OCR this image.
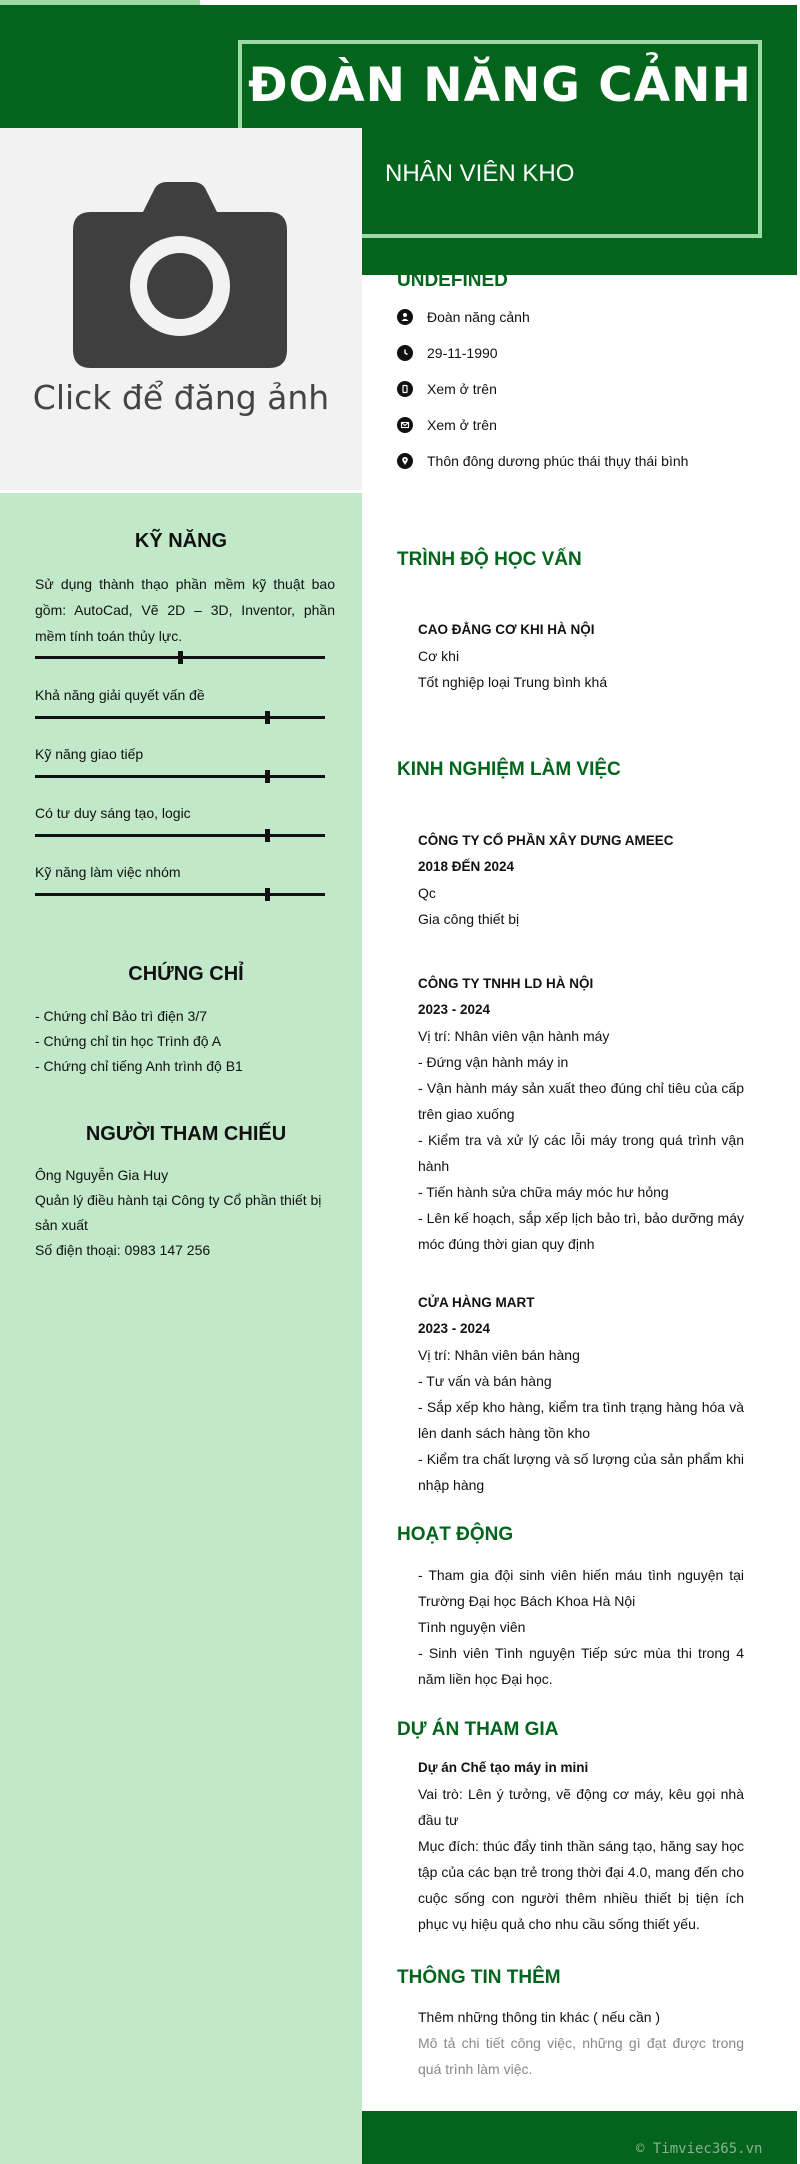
ĐOÀN NĂNG CẢNH
NHÂN VIÊN KHO
Click để đăng ảnh
KỸ NĂNG
Sử dụng thành thạo phần mềm kỹ thuật bao gồm: AutoCad, Vẽ 2D – 3D, Inventor, phần mềm tính toán thủy lực.
Khả năng giải quyết vấn đề
Kỹ năng giao tiếp
Có tư duy sáng tạo, logic
Kỹ năng làm việc nhóm
CHỨNG CHỈ
- Chứng chỉ Bảo trì điện 3/7
- Chứng chỉ tin học Trình độ A
- Chứng chỉ tiếng Anh trình độ B1
NGƯỜI THAM CHIẾU
Ông Nguyễn Gia Huy
Quản lý điều hành tại Công ty Cổ phần thiết bị sản xuất
Số điện thoại: 0983 147 256
UNDEFINED
Đoàn năng cảnh
29-11-1990
Xem ở trên
Xem ở trên
Thôn đông dương phúc thái thụy thái bình
TRÌNH ĐỘ HỌC VẤN
CAO ĐẲNG CƠ KHI HÀ NỘI
Cơ khi
Tốt nghiệp loại Trung bình khá
KINH NGHIỆM LÀM VIỆC
CÔNG TY CỔ PHẦN XÂY DƯNG AMEEC
2018 ĐẾN 2024
Qc
Gia công thiết bị
CÔNG TY TNHH LD HÀ NỘI
2023 - 2024
Vị trí: Nhân viên vận hành máy
- Đứng vận hành máy in
- Vận hành máy sản xuất theo đúng chỉ tiêu của cấp trên giao xuống
- Kiểm tra và xử lý các lỗi máy trong quá trình vận hành
- Tiến hành sửa chữa máy móc hư hỏng
- Lên kế hoạch, sắp xếp lịch bảo trì, bảo dưỡng máy móc đúng thời gian quy định
CỬA HÀNG MART
2023 - 2024
Vị trí: Nhân viên bán hàng
- Tư vấn và bán hàng
- Sắp xếp kho hàng, kiểm tra tình trạng hàng hóa và lên danh sách hàng tồn kho
- Kiểm tra chất lượng và số lượng của sản phẩm khi nhập hàng
HOẠT ĐỘNG
- Tham gia đội sinh viên hiến máu tình nguyện tại Trường Đại học Bách Khoa Hà Nội
Tình nguyện viên
- Sinh viên Tình nguyện Tiếp sức mùa thi trong 4 năm liền học Đại học.
DỰ ÁN THAM GIA
Dự án Chế tạo máy in mini
Vai trò: Lên ý tưởng, vẽ động cơ máy, kêu gọi nhà đầu tư
Mục đích: thúc đẩy tinh thần sáng tạo, hăng say học tập của các bạn trẻ trong thời đại 4.0, mang đến cho cuộc sống con người thêm nhiều thiết bị tiện ích phục vụ hiệu quả cho nhu cầu sống thiết yếu.
THÔNG TIN THÊM
Thêm những thông tin khác ( nếu cần )
Mô tả chi tiết công việc, những gì đạt được trong quá trình làm việc.
© Timviec365.vn
